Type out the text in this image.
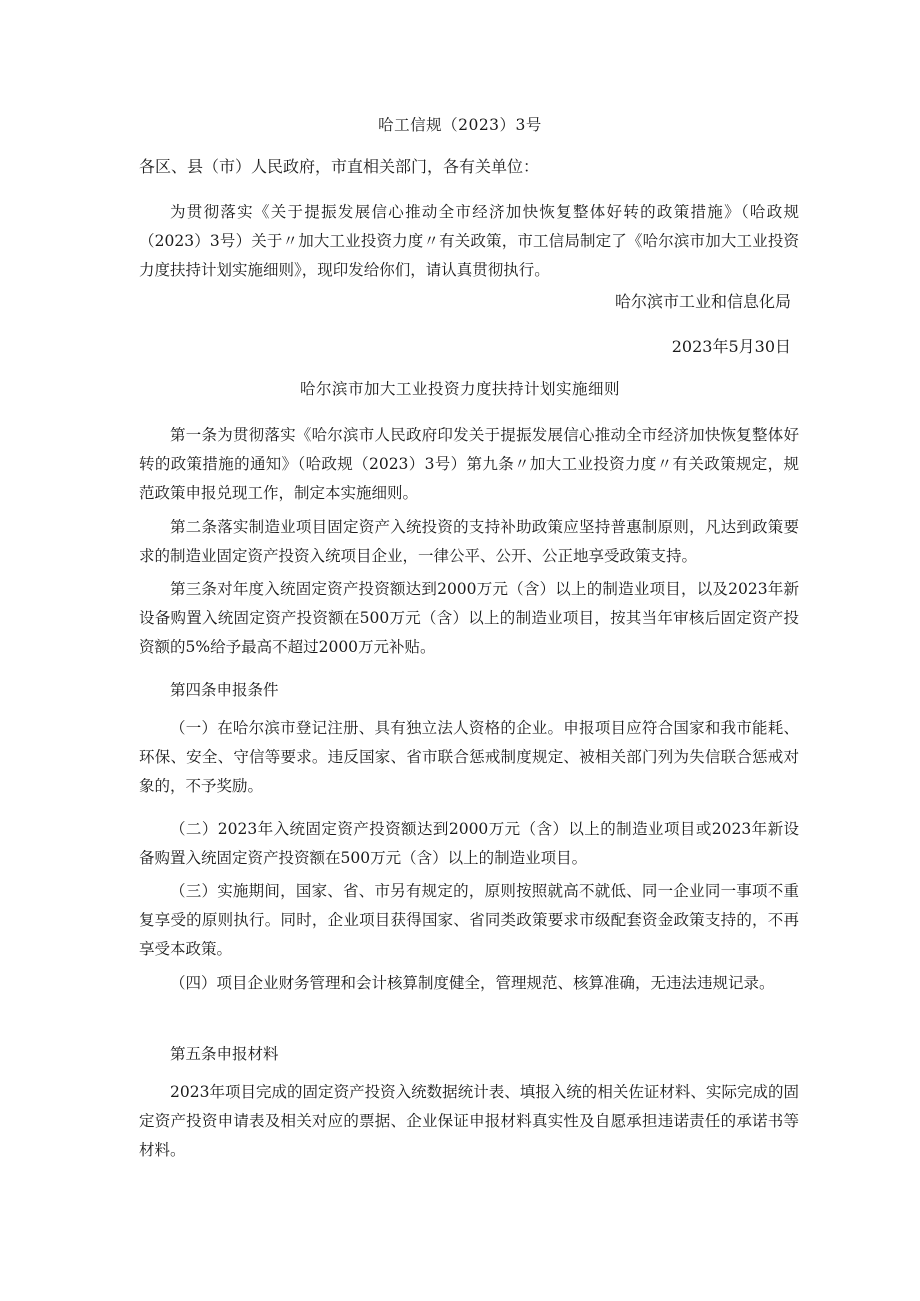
哈工信规（2023）3号
各区、县（市）人民政府，市直相关部门，各有关单位：
为贯彻落实《关于提振发展信心推动全市经济加快恢复整体好转的政策措施》（哈政规（2023）3号）关于〃加大工业投资力度〃有关政策，市工信局制定了《哈尔滨市加大工业投资力度扶持计划实施细则》，现印发给你们，请认真贯彻执行。
哈尔滨市工业和信息化局
2023年5月30日
哈尔滨市加大工业投资力度扶持计划实施细则
第一条为贯彻落实《哈尔滨市人民政府印发关于提振发展信心推动全市经济加快恢复整体好转的政策措施的通知》（哈政规（2023）3号）第九条〃加大工业投资力度〃有关政策规定，规范政策申报兑现工作，制定本实施细则。
第二条落实制造业项目固定资产入统投资的支持补助政策应坚持普惠制原则，凡达到政策要求的制造业固定资产投资入统项目企业，一律公平、公开、公正地享受政策支持。
第三条对年度入统固定资产投资额达到2000万元（含）以上的制造业项目，以及2023年新设备购置入统固定资产投资额在500万元（含）以上的制造业项目，按其当年审核后固定资产投资额的5%给予最高不超过2000万元补贴。
第四条申报条件
（一）在哈尔滨市登记注册、具有独立法人资格的企业。申报项目应符合国家和我市能耗、环保、安全、守信等要求。违反国家、省市联合惩戒制度规定、被相关部门列为失信联合惩戒对象的，不予奖励。
（二）2023年入统固定资产投资额达到2000万元（含）以上的制造业项目或2023年新设备购置入统固定资产投资额在500万元（含）以上的制造业项目。
（三）实施期间，国家、省、市另有规定的，原则按照就高不就低、同一企业同一事项不重复享受的原则执行。同时，企业项目获得国家、省同类政策要求市级配套资金政策支持的，不再享受本政策。
（四）项目企业财务管理和会计核算制度健全，管理规范、核算准确，无违法违规记录。
第五条申报材料
2023年项目完成的固定资产投资入统数据统计表、填报入统的相关佐证材料、实际完成的固定资产投资申请表及相关对应的票据、企业保证申报材料真实性及自愿承担违诺责任的承诺书等材料。
